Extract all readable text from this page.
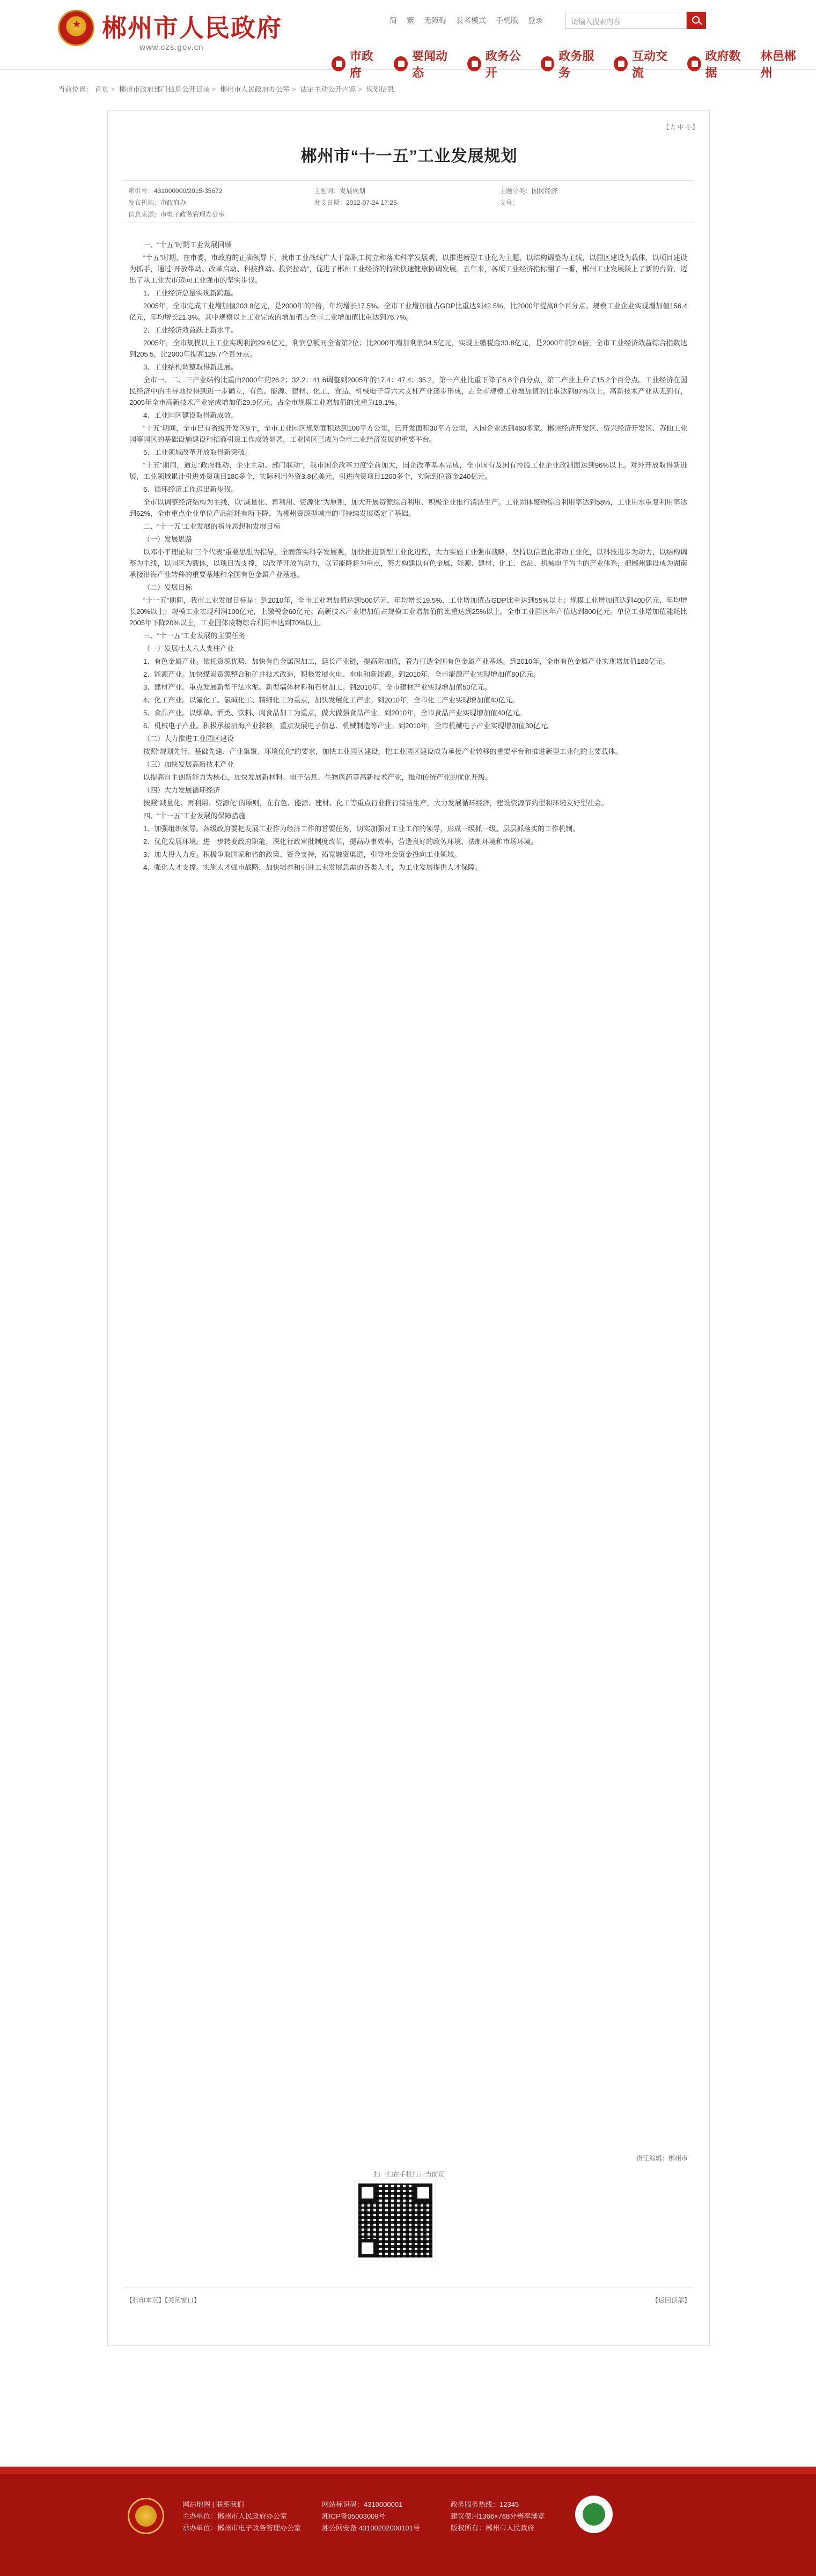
郴州市人民政府
www.czs.gov.cn
简 繁 无障碍 长者模式 手机版 登录	请输入搜索内容
市政府
要闻动态
政务公开
政务服务
互动交流
政府数据
林邑郴州
当前位置： 首页 > 郴州市政府部门信息公开目录 > 郴州市人民政府办公室 > 法定主动公开内容 > 规划信息
【大 中 小】
郴州市“十一五”工业发展规划
索引号：431000000/2015-35672	主题词：发展规划	主题分类：国民经济
发布机构：市政府办	发文日期：2012-07-24 17:25	文号：
信息来源：市电子政务管理办公室

一、“十五”时期工业发展回顾

“十五”时期，在市委、市政府的正确领导下，我市工业战线广大干部职工树立和落实科学发展观，以推进新型工业化为主题，以结构调整为主线，以园区建设为载体，以项目建设为抓手，通过“开放带动、改革启动、科技推动、投资拉动”，促进了郴州工业经济的持续快速健康协调发展。五年来，各项工业经济指标翻了一番，郴州工业发展跃上了新的台阶，迈出了从工业大市迈向工业强市的坚实步伐。

1、工业经济总量实现新跨越。

2005年，全市完成工业增加值203.8亿元，是2000年的2倍，年均增长17.5%。全市工业增加值占GDP比重达到42.5%，比2000年提高8个百分点。规模工业企业实现增加值156.4亿元，年均增长21.3%。其中规模以上工业完成的增加值占全市工业增加值比重达到76.7%。

2、工业经济效益跃上新水平。

2005年，全市规模以上工业实现利润29.6亿元，利润总额同全省第2位；比2000年增加利润34.5亿元，实现上缴税金33.8亿元，是2000年的2.6倍，全市工业经济效益综合指数达到205.5，比2000年提高129.7个百分点。

3、工业结构调整取得新进展。

全市一、二、三产业结构比重由2000年的26.2：32.2：41.6调整到2005年的17.4：47.4：35.2，第一产业比重下降了8.8个百分点，第二产业上升了15.2个百分点。工业经济在国民经济中的主导地位得到进一步确立，有色、能源、建材、化工、食品、机械电子等六大支柱产业逐步形成，占全市规模工业增加值的比重达到87%以上。高新技术产业从无到有，2005年全市高新技术产业完成增加值29.9亿元，占全市规模工业增加值的比重为19.1%。

4、工业园区建设取得新成效。

“十五”期间，全市已有省级开发区9个，全市工业园区规划面积达到100平方公里，已开发面积30平方公里，入园企业达到460多家。郴州经济开发区、资兴经济开发区、苏仙工业园等园区的基础设施建设和招商引资工作成效显著，工业园区已成为全市工业经济发展的重要平台。

5、工业领域改革开放取得新突破。

“十五”期间，通过“政府推动、企业主动、部门联动”，我市国企改革力度空前加大，国企改革基本完成，全市国有及国有控股工业企业改制面达到96%以上。对外开放取得新进展，工业领域累计引进外资项目180多个，实际利用外资3.8亿美元，引进内资项目1200多个，实际到位资金240亿元。

6、循环经济工作迈出新步伐。

全市以调整经济结构为主线，以“减量化、再利用、资源化”为原则，加大开展资源综合利用、积极企业推行清洁生产。工业固体废物综合利用率达到58%，工业用水重复利用率达到62%，全市重点企业单位产品能耗有所下降，为郴州资源型城市的可持续发展奠定了基础。

二、“十一五”工业发展的指导思想和发展目标

（一）发展思路

以邓小平理论和“三个代表”重要思想为指导，全面落实科学发展观，加快推进新型工业化进程，大力实施工业强市战略，坚持以信息化带动工业化，以科技进步为动力，以结构调整为主线，以园区为载体，以项目为支撑，以改革开放为动力，以节能降耗为重点，努力构建以有色金属、能源、建材、化工、食品、机械电子为主的产业体系，把郴州建设成为湖南承接沿海产业转移的重要基地和全国有色金属产业基地。

（二）发展目标

“十一五”期间，我市工业发展目标是：到2010年，全市工业增加值达到500亿元，年均增长19.5%，工业增加值占GDP比重达到55%以上；规模工业增加值达到400亿元，年均增长20%以上；规模工业实现利润100亿元，上缴税金60亿元。高新技术产业增加值占规模工业增加值的比重达到25%以上。全市工业园区年产值达到800亿元。单位工业增加值能耗比2005年下降20%以上，工业固体废物综合利用率达到70%以上。

三、“十一五”工业发展的主要任务

（一）发展壮大六大支柱产业

1、有色金属产业。依托资源优势，加快有色金属深加工，延长产业链，提高附加值，着力打造全国有色金属产业基地。到2010年，全市有色金属产业实现增加值180亿元。

2、能源产业。加快煤炭资源整合和矿井技术改造，积极发展火电、水电和新能源。到2010年，全市能源产业实现增加值80亿元。

3、建材产业。重点发展新型干法水泥、新型墙体材料和石材加工。到2010年，全市建材产业实现增加值50亿元。

4、化工产业。以氟化工、氯碱化工、精细化工为重点，加快发展化工产业。到2010年，全市化工产业实现增加值40亿元。

5、食品产业。以烟草、酒类、饮料、肉食品加工为重点，做大做强食品产业。到2010年，全市食品产业实现增加值40亿元。

6、机械电子产业。积极承接沿海产业转移，重点发展电子信息、机械制造等产业。到2010年，全市机械电子产业实现增加值30亿元。

（二）大力推进工业园区建设

按照“规划先行、基础先建、产业集聚、环境优化”的要求，加快工业园区建设，把工业园区建设成为承接产业转移的重要平台和推进新型工业化的主要载体。

（三）加快发展高新技术产业

以提高自主创新能力为核心，加快发展新材料、电子信息、生物医药等高新技术产业，推动传统产业的优化升级。

（四）大力发展循环经济

按照“减量化、再利用、资源化”的原则，在有色、能源、建材、化工等重点行业推行清洁生产，大力发展循环经济，建设资源节约型和环境友好型社会。

四、“十一五”工业发展的保障措施

1、加强组织领导。各级政府要把发展工业作为经济工作的首要任务，切实加强对工业工作的领导，形成一级抓一级、层层抓落实的工作机制。

2、优化发展环境。进一步转变政府职能，深化行政审批制度改革，提高办事效率，营造良好的政务环境、法制环境和市场环境。

3、加大投入力度。积极争取国家和省的政策、资金支持，拓宽融资渠道，引导社会资金投向工业领域。

4、强化人才支撑。实施人才强市战略，加快培养和引进工业发展急需的各类人才，为工业发展提供人才保障。

责任编辑：郴州市
扫一扫在手机打开当前页
【打印本页】【关闭窗口】	【返回顶部】
网站地图 | 联系我们
主办单位：郴州市人民政府办公室
承办单位：郴州市电子政务管理办公室
网站标识码：4310000001
湘ICP备05003009号
湘公网安备 43100202000101号
政务服务热线：12345
建议使用1366×768分辨率浏览
版权所有：郴州市人民政府
